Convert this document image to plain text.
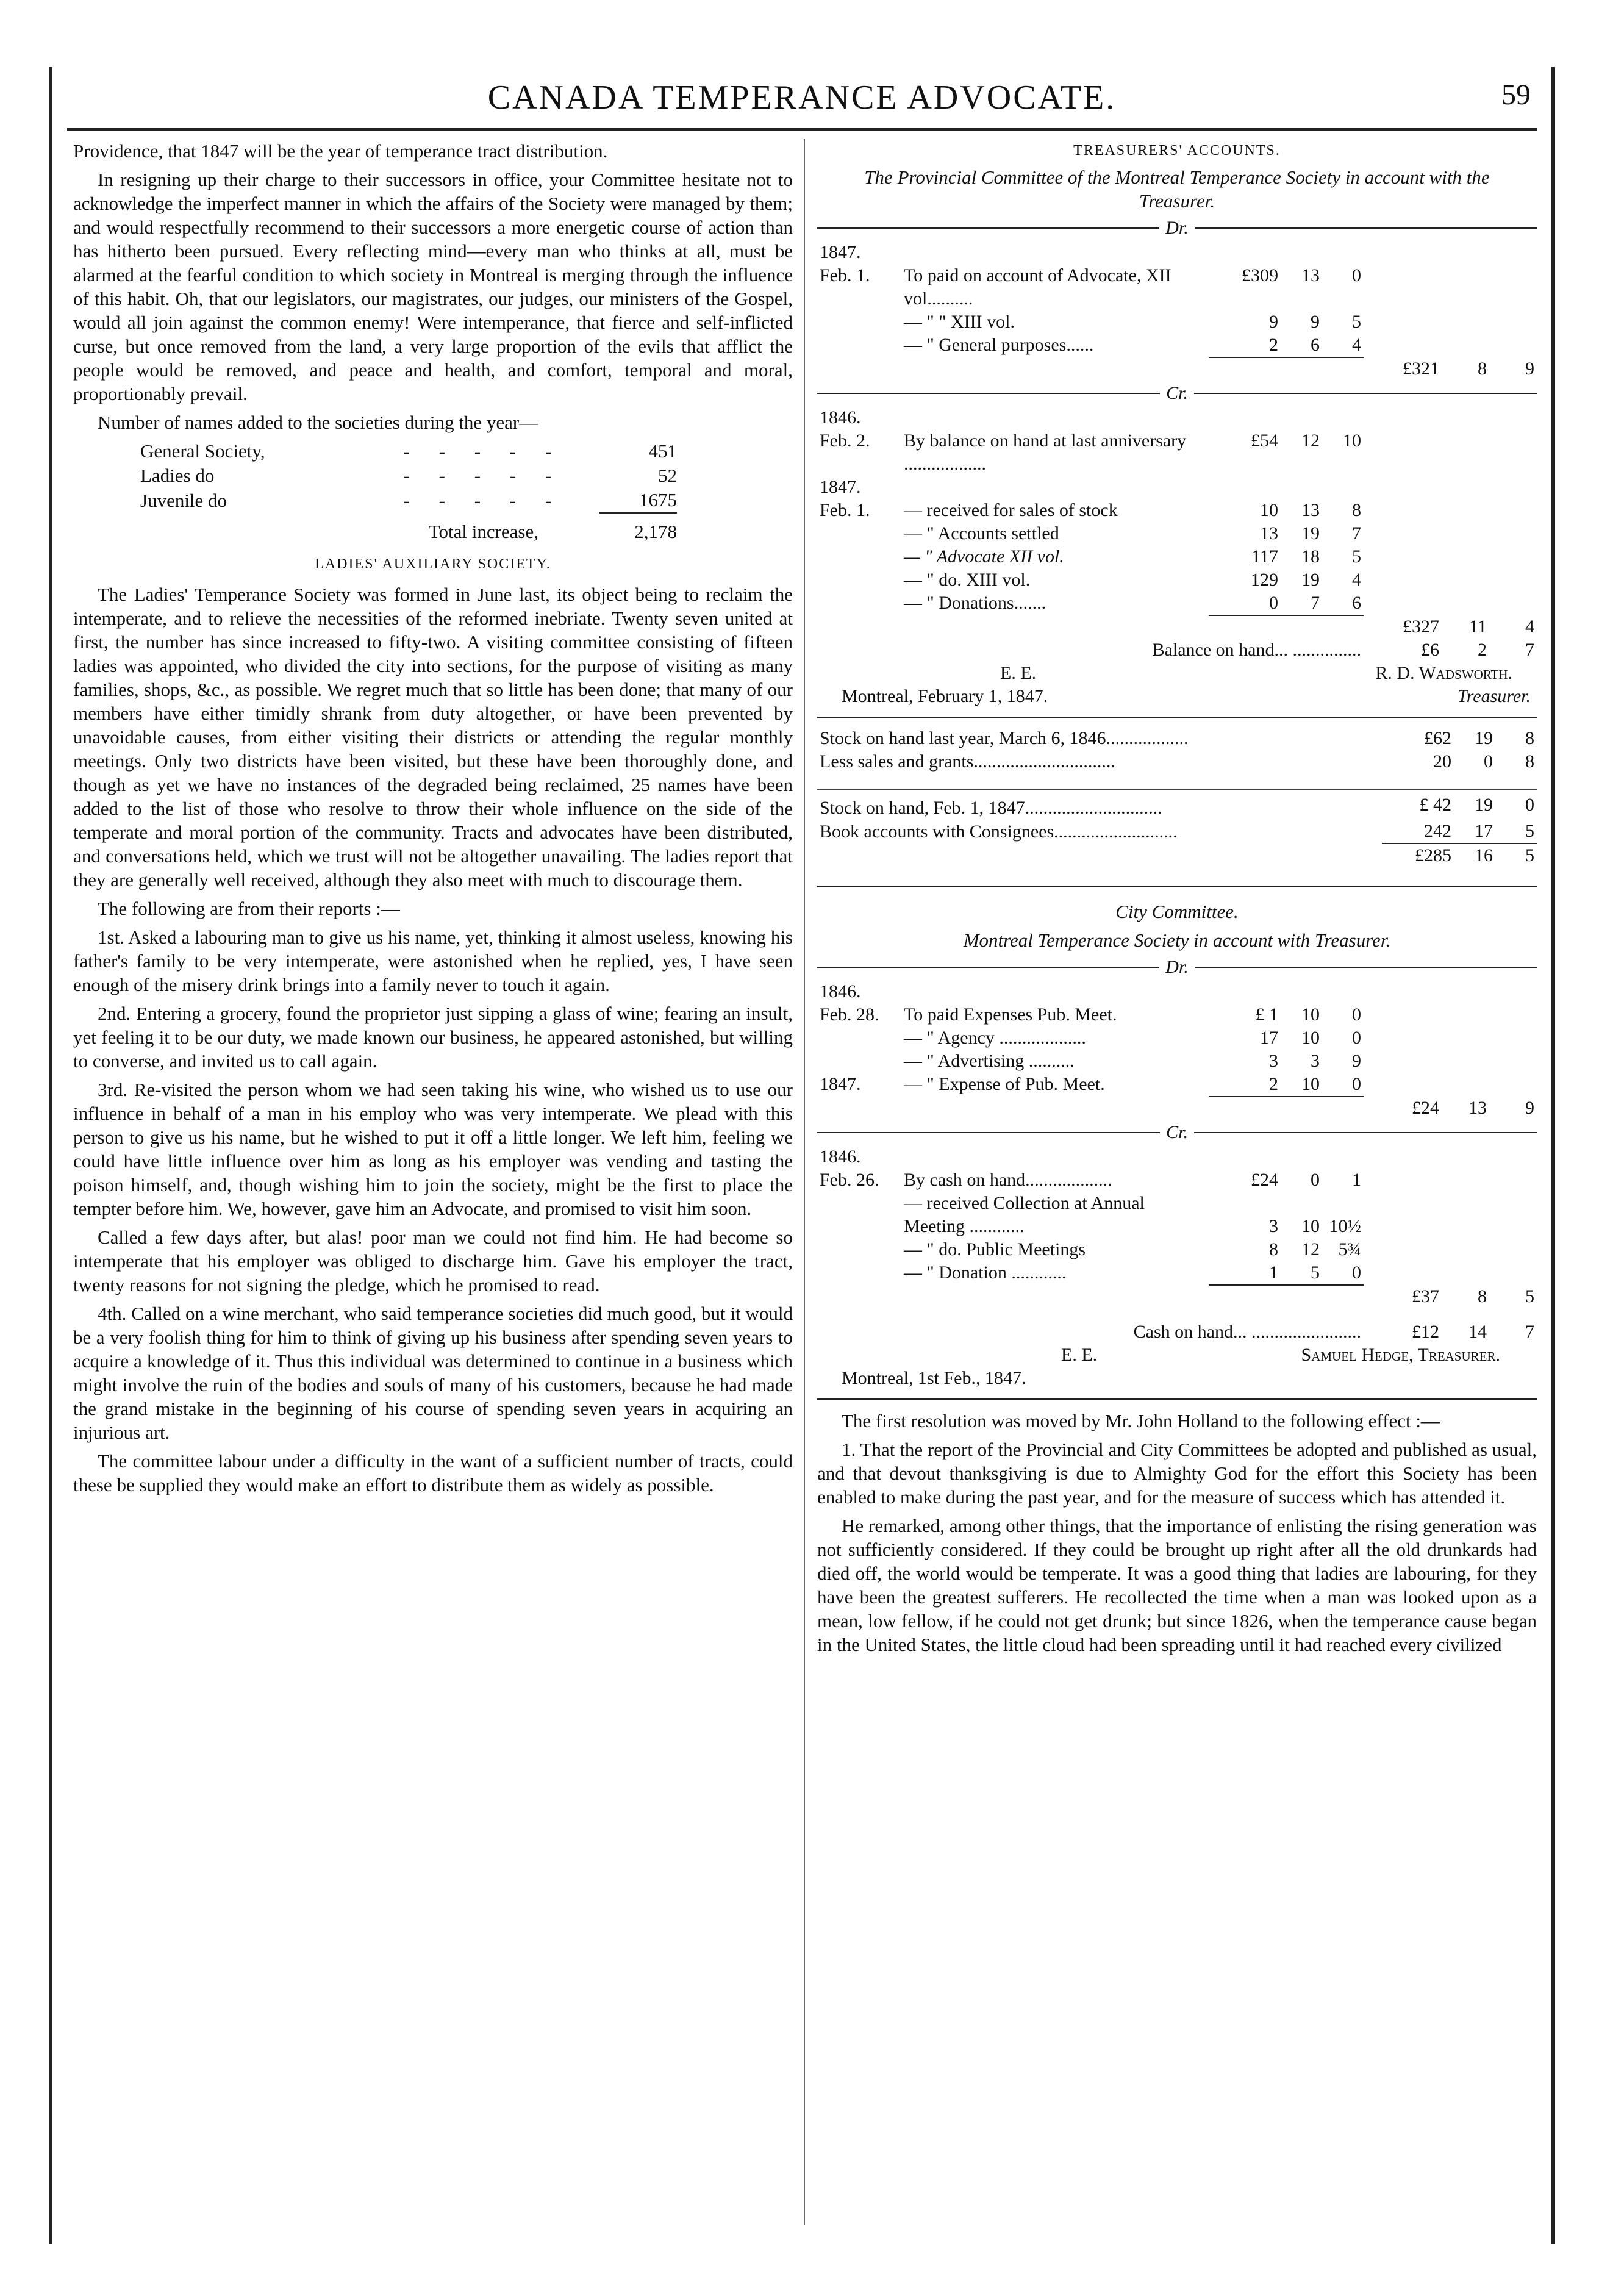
CANADA TEMPERANCE ADVOCATE.	59

Providence, that 1847 will be the year of temperance tract distribution.

In resigning up their charge to their successors in office, your Committee hesitate not to acknowledge the imperfect manner in which the affairs of the Society were managed by them; and would respectfully recommend to their successors a more energetic course of action than has hitherto been pursued. Every reflecting mind—every man who thinks at all, must be alarmed at the fearful condition to which society in Montreal is merging through the influence of this habit. Oh, that our legislators, our magistrates, our judges, our ministers of the Gospel, would all join against the common enemy! Were intemperance, that fierce and self-inflicted curse, but once removed from the land, a very large proportion of the evils that afflict the people would be removed, and peace and health, and comfort, temporal and moral, proportionably prevail.

Number of names added to the societies during the year—

General Society,	- - - - -	451
Ladies do	- - - - -	52
Juvenile do	- - - - -	1675
	Total increase,	2,178

LADIES' AUXILIARY SOCIETY.

The Ladies' Temperance Society was formed in June last, its object being to reclaim the intemperate, and to relieve the necessities of the reformed inebriate. Twenty seven united at first, the number has since increased to fifty-two. A visiting committee consisting of fifteen ladies was appointed, who divided the city into sections, for the purpose of visiting as many families, shops, &c., as possible. We regret much that so little has been done; that many of our members have either timidly shrank from duty altogether, or have been prevented by unavoidable causes, from either visiting their districts or attending the regular monthly meetings. Only two districts have been visited, but these have been thoroughly done, and though as yet we have no instances of the degraded being reclaimed, 25 names have been added to the list of those who resolve to throw their whole influence on the side of the temperate and moral portion of the community. Tracts and advocates have been distributed, and conversations held, which we trust will not be altogether unavailing. The ladies report that they are generally well received, although they also meet with much to discourage them.

The following are from their reports :—

1st. Asked a labouring man to give us his name, yet, thinking it almost useless, knowing his father's family to be very intemperate, were astonished when he replied, yes, I have seen enough of the misery drink brings into a family never to touch it again.

2nd. Entering a grocery, found the proprietor just sipping a glass of wine; fearing an insult, yet feeling it to be our duty, we made known our business, he appeared astonished, but willing to converse, and invited us to call again.

3rd. Re-visited the person whom we had seen taking his wine, who wished us to use our influence in behalf of a man in his employ who was very intemperate. We plead with this person to give us his name, but he wished to put it off a little longer. We left him, feeling we could have little influence over him as long as his employer was vending and tasting the poison himself, and, though wishing him to join the society, might be the first to place the tempter before him. We, however, gave him an Advocate, and promised to visit him soon.

Called a few days after, but alas! poor man we could not find him. He had become so intemperate that his employer was obliged to discharge him. Gave his employer the tract, twenty reasons for not signing the pledge, which he promised to read.

4th. Called on a wine merchant, who said temperance societies did much good, but it would be a very foolish thing for him to think of giving up his business after spending seven years to acquire a knowledge of it. Thus this individual was determined to continue in a business which might involve the ruin of the bodies and souls of many of his customers, because he had made the grand mistake in the beginning of his course of spending seven years in acquiring an injurious art.

The committee labour under a difficulty in the want of a sufficient number of tracts, could these be supplied they would make an effort to distribute them as widely as possible.

TREASURERS' ACCOUNTS.

The Provincial Committee of the Montreal Temperance Society in account with the Treasurer.

Dr.
1847.							
Feb. 1.	To paid on account of Advocate, XII vol..........	£309	13	0			
	— " " XIII vol.	9	9	5			
	— " General purposes......	2	6	4			
					£321	8	9
Cr.
1846.							
Feb. 2.	By balance on hand at last anniversary ..................	£54	12	10			
1847.							
Feb. 1.	— received for sales of stock	10	13	8			
	— " Accounts settled	13	19	7			
	— " Advocate XII vol.	117	18	5			
	— " do. XIII vol.	129	19	4			
	— " Donations.......	0	7	6			
					£327	11	4
	Balance on hand... ...............				£6	2	7
E. E.	R. D. Wadsworth.
Montreal, February 1, 1847.	Treasurer.
Stock on hand last year, March 6, 1846..................	£62	19	8
Less sales and grants...............................	20	0	8

Stock on hand, Feb. 1, 1847..............................	£ 42	19	0
Book accounts with Consignees...........................	242	17	5
	£285	16	5

City Committee.

Montreal Temperance Society in account with Treasurer.

Dr.
1846.							
Feb. 28.	To paid Expenses Pub. Meet.	£ 1	10	0			
	— " Agency ...................	17	10	0			
	— " Advertising ..........	3	3	9			
1847.	— " Expense of Pub. Meet.	2	10	0			
					£24	13	9
Cr.
1846.							
Feb. 26.	By cash on hand...................	£24	0	1			
	— received Collection at Annual Meeting ............	3	10	10½			
	— " do. Public Meetings	8	12	5¾			
	— " Donation ............	1	5	0			
					£37	8	5
	Cash on hand... ........................				£12	14	7
E. E.	Samuel Hedge, Treasurer.
Montreal, 1st Feb., 1847.

The first resolution was moved by Mr. John Holland to the following effect :—

1. That the report of the Provincial and City Committees be adopted and published as usual, and that devout thanksgiving is due to Almighty God for the effort this Society has been enabled to make during the past year, and for the measure of success which has attended it.

He remarked, among other things, that the importance of enlisting the rising generation was not sufficiently considered. If they could be brought up right after all the old drunkards had died off, the world would be temperate. It was a good thing that ladies are labouring, for they have been the greatest sufferers. He recollected the time when a man was looked upon as a mean, low fellow, if he could not get drunk; but since 1826, when the temperance cause began in the United States, the little cloud had been spreading until it had reached every civilized
